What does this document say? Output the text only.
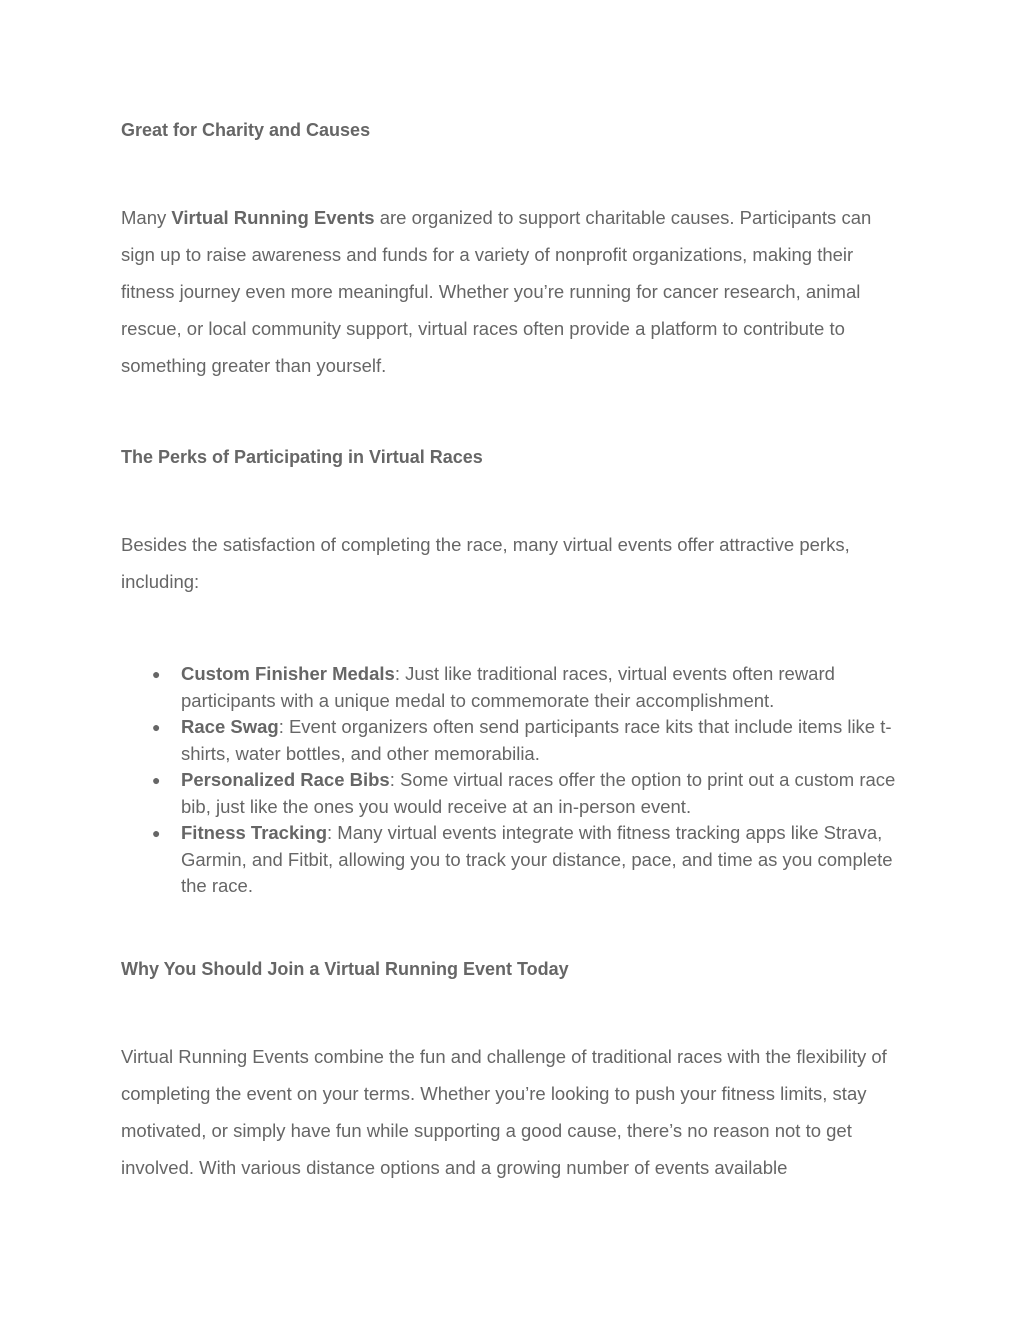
Great for Charity and Causes

Many Virtual Running Events are organized to support charitable causes. Participants can sign up to raise awareness and funds for a variety of nonprofit organizations, making their fitness journey even more meaningful. Whether you’re running for cancer research, animal rescue, or local community support, virtual races often provide a platform to contribute to something greater than yourself.

The Perks of Participating in Virtual Races

Besides the satisfaction of completing the race, many virtual events offer attractive perks, including:

● Custom Finisher Medals: Just like traditional races, virtual events often reward participants with a unique medal to commemorate their accomplishment.
● Race Swag: Event organizers often send participants race kits that include items like t-shirts, water bottles, and other memorabilia.
● Personalized Race Bibs: Some virtual races offer the option to print out a custom race bib, just like the ones you would receive at an in-person event.
● Fitness Tracking: Many virtual events integrate with fitness tracking apps like Strava, Garmin, and Fitbit, allowing you to track your distance, pace, and time as you complete the race.
Why You Should Join a Virtual Running Event Today

Virtual Running Events combine the fun and challenge of traditional races with the flexibility of completing the event on your terms. Whether you’re looking to push your fitness limits, stay motivated, or simply have fun while supporting a good cause, there’s no reason not to get involved. With various distance options and a growing number of events available
